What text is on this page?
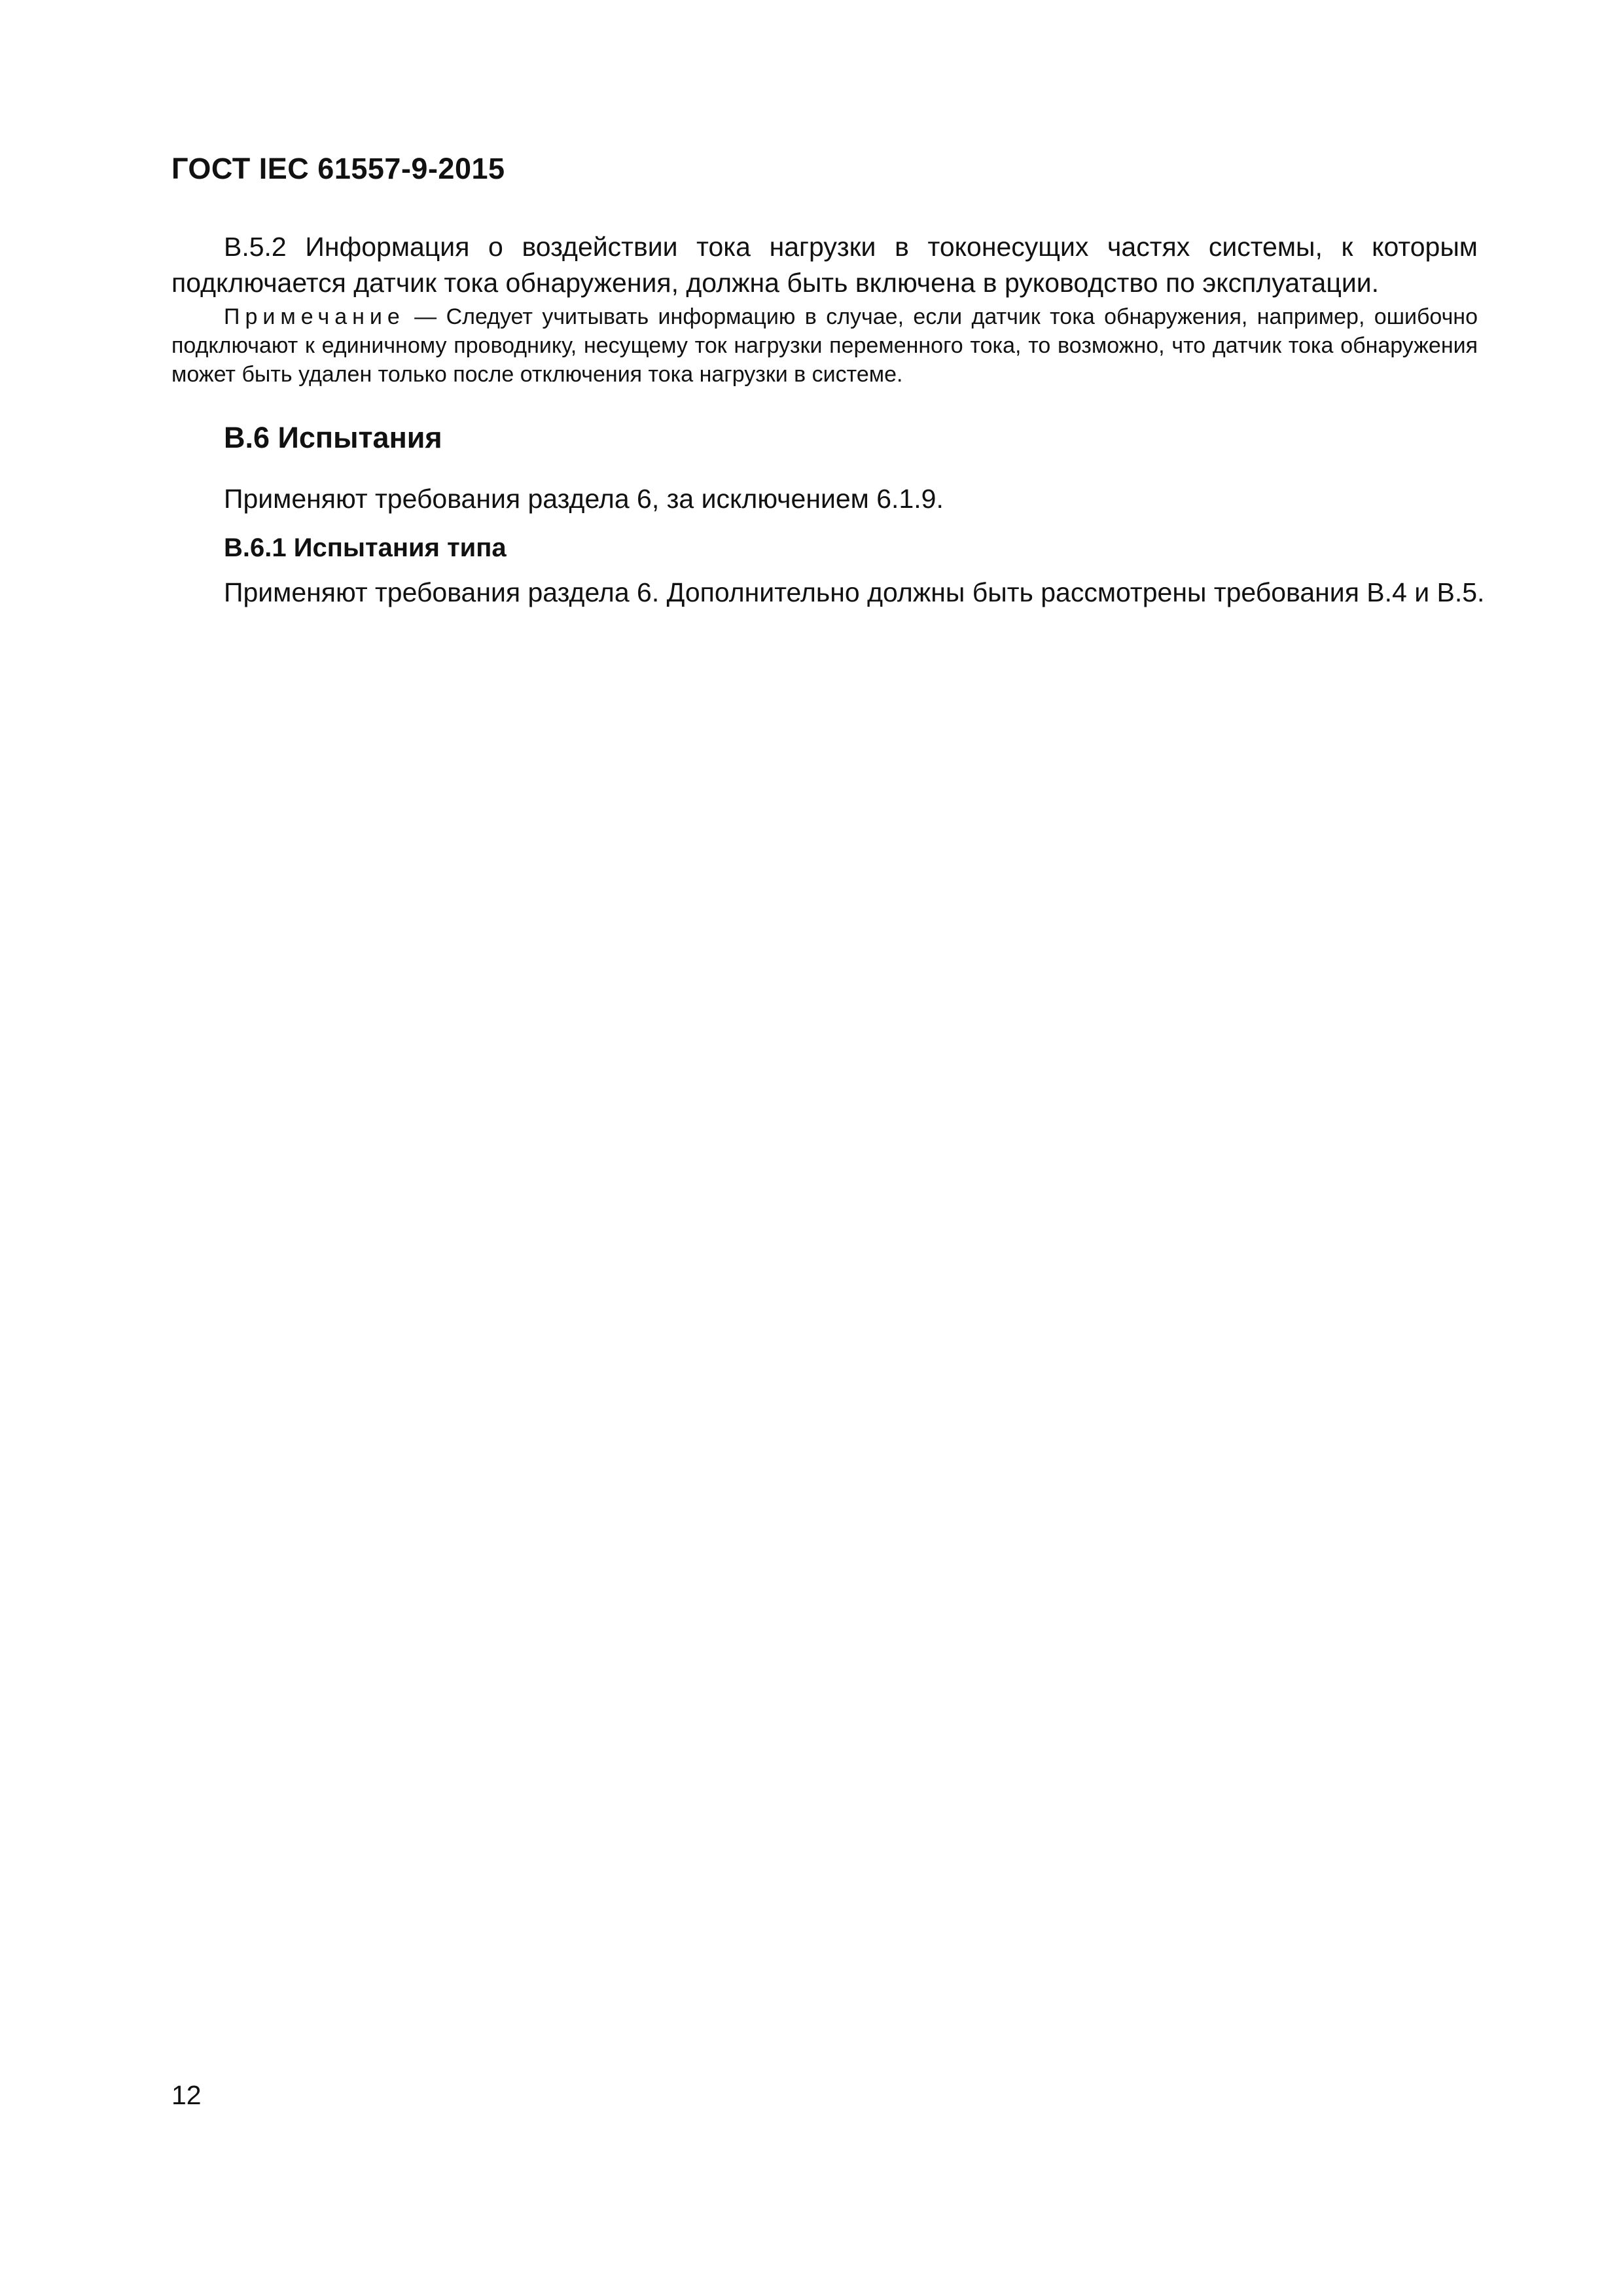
ГОСТ IEC 61557-9-2015

В.5.2 Информация о воздействии тока нагрузки в токонесущих частях системы, к которым подключается датчик тока обнаружения, должна быть включена в руководство по эксплуатации.

Примечание — Следует учитывать информацию в случае, если датчик тока обнаружения, например, ошибочно подключают к единичному проводнику, несущему ток нагрузки переменного тока, то возможно, что датчик тока обнаружения может быть удален только после отключения тока нагрузки в системе.

В.6 Испытания

Применяют требования раздела 6, за исключением 6.1.9.

В.6.1 Испытания типа

Применяют требования раздела 6. Дополнительно должны быть рассмотрены требования В.4 и В.5.

12
